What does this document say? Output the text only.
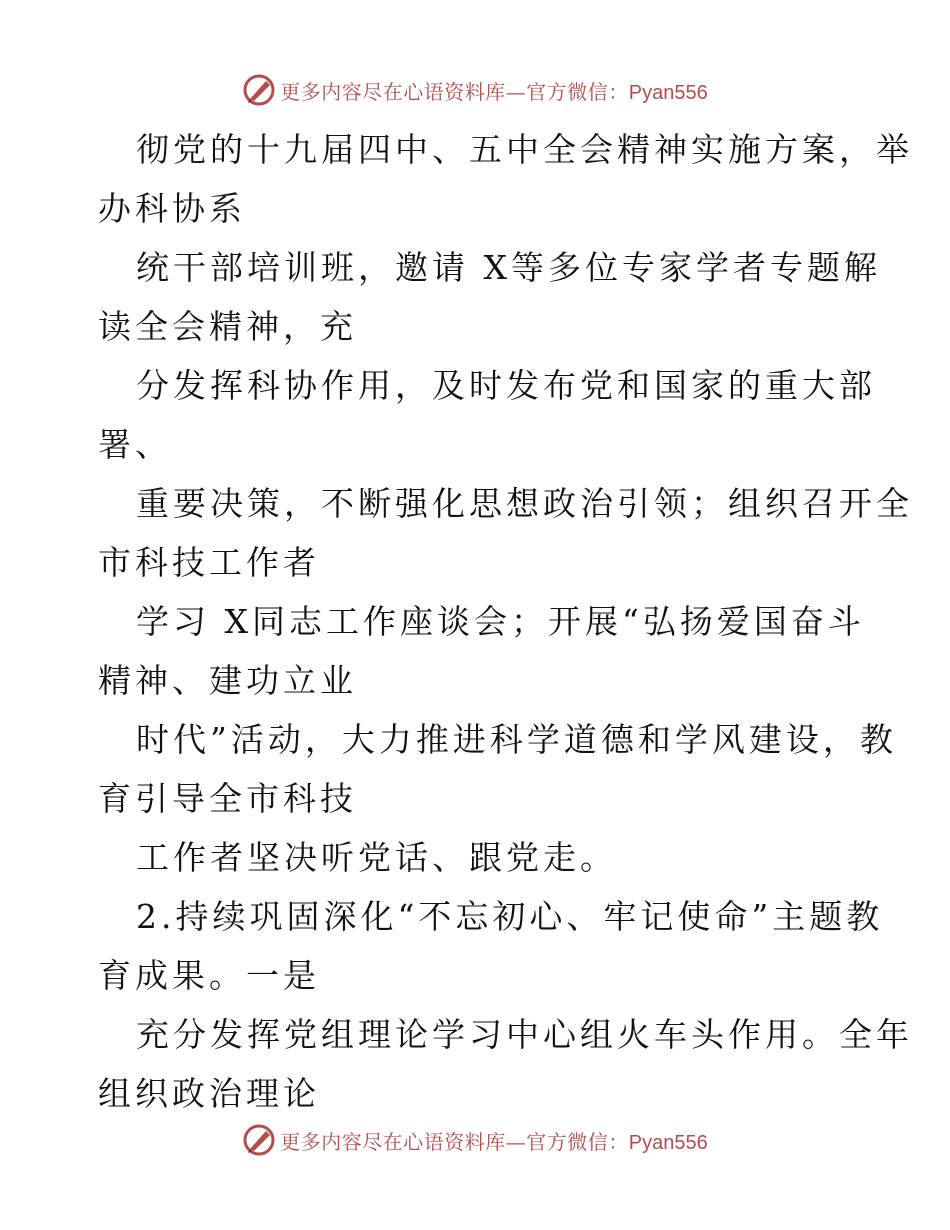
更多内容尽在心语资料库—官方微信：Pyan556

彻党的十九届四中、五中全会精神实施方案，举
办科协系

统干部培训班，邀请 X等多位专家学者专题解
读全会精神，充

分发挥科协作用，及时发布党和国家的重大部
署、

重要决策，不断强化思想政治引领；组织召开全
市科技工作者

学习 X同志工作座谈会；开展“弘扬爱国奋斗
精神、建功立业

时代”活动，大力推进科学道德和学风建设，教
育引导全市科技

工作者坚决听党话、跟党走。

2.持续巩固深化“不忘初心、牢记使命”主题教
育成果。一是

充分发挥党组理论学习中心组火车头作用。全年
组织政治理论

更多内容尽在心语资料库—官方微信：Pyan556
